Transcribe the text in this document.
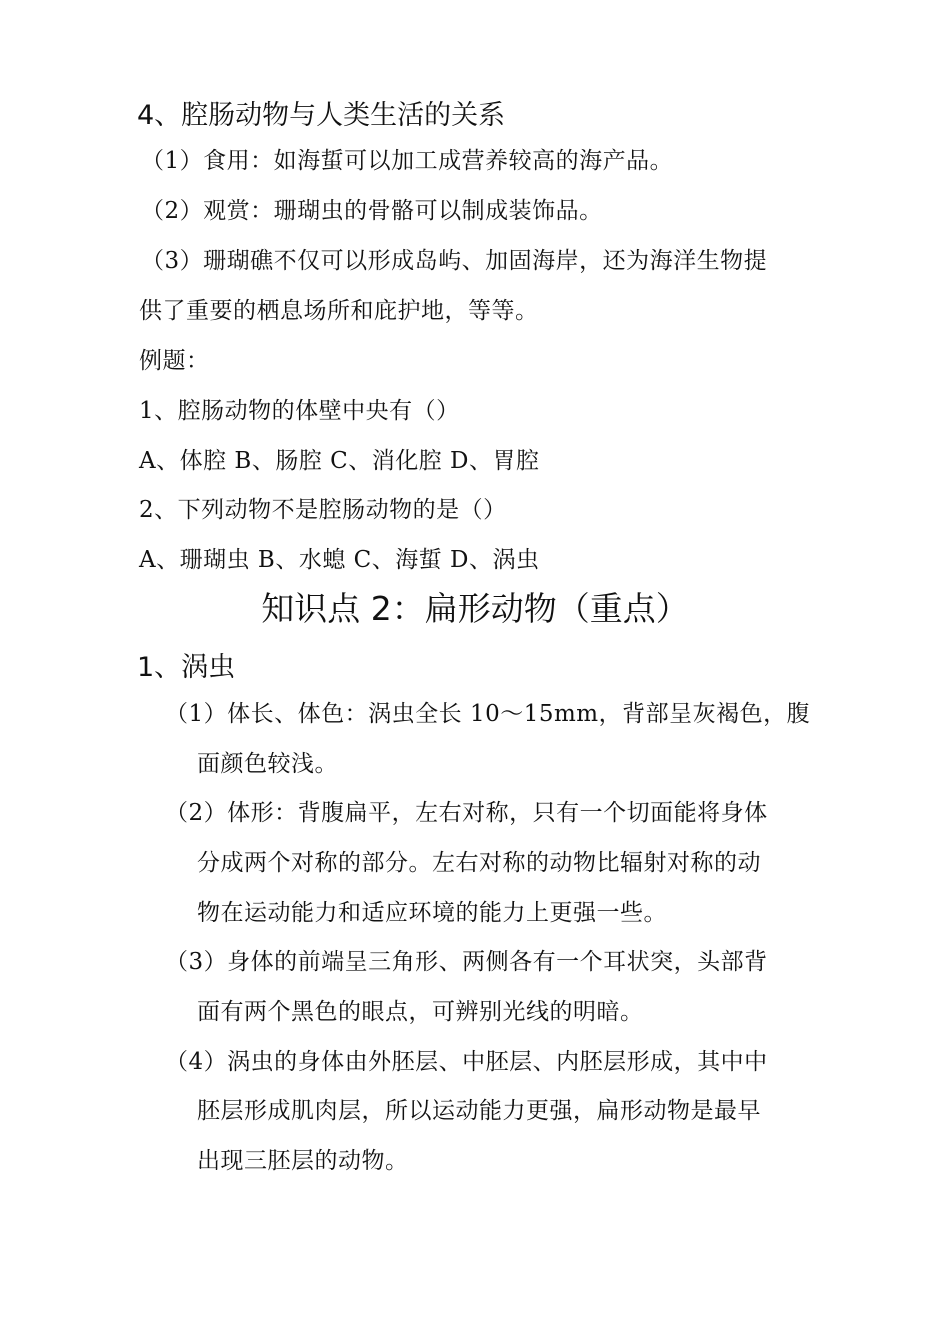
4、腔肠动物与人类生活的关系
（1）食用：如海蜇可以加工成营养较高的海产品。
（2）观赏：珊瑚虫的骨骼可以制成装饰品。
（3）珊瑚礁不仅可以形成岛屿、加固海岸，还为海洋生物提
供了重要的栖息场所和庇护地，等等。
例题：
1、腔肠动物的体壁中央有（）
A、体腔 B、肠腔 C、消化腔 D、胃腔
2、下列动物不是腔肠动物的是（）
A、珊瑚虫 B、水螅 C、海蜇 D、涡虫
知识点 2：扁形动物（重点）
1、涡虫
（1）体长、体色：涡虫全长 10〜15mm，背部呈灰褐色，腹
面颜色较浅。
（2）体形：背腹扁平，左右对称，只有一个切面能将身体
分成两个对称的部分。左右对称的动物比辐射对称的动
物在运动能力和适应环境的能力上更强一些。
（3）身体的前端呈三角形、两侧各有一个耳状突，头部背
面有两个黑色的眼点，可辨别光线的明暗。
（4）涡虫的身体由外胚层、中胚层、内胚层形成，其中中
胚层形成肌肉层，所以运动能力更强，扁形动物是最早
出现三胚层的动物。
